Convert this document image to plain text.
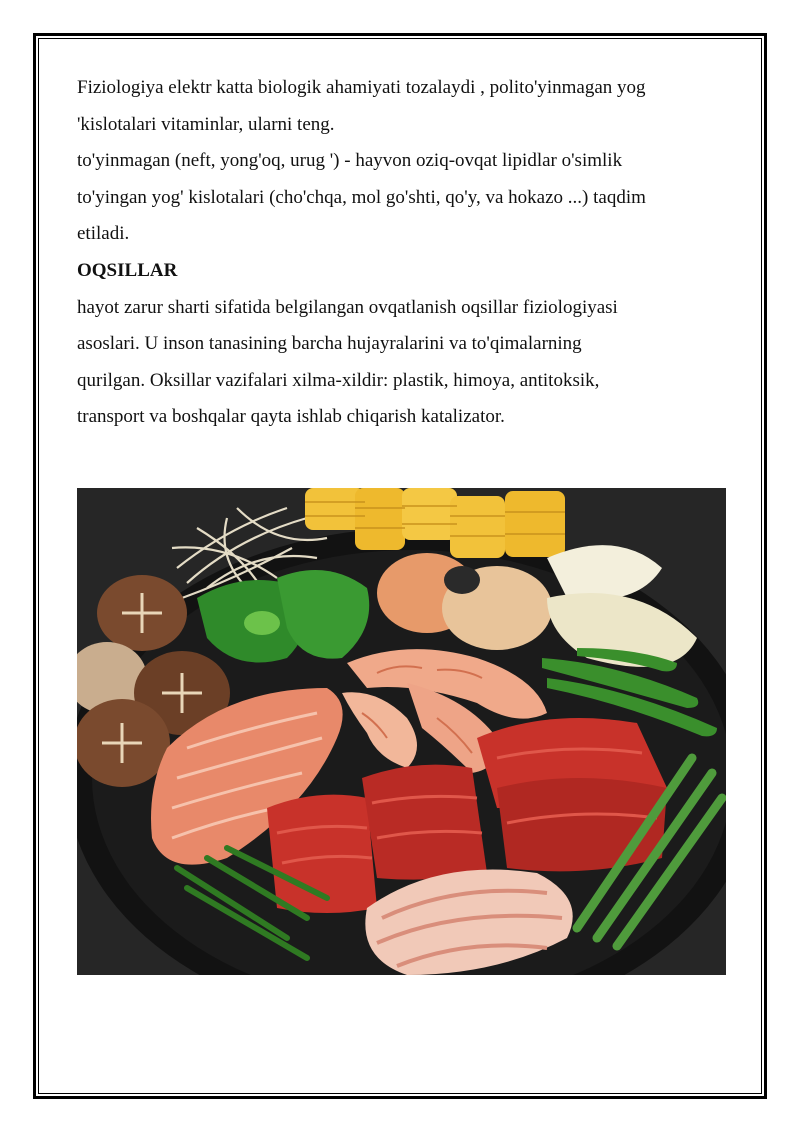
Fiziologiya elektr katta biologik ahamiyati tozalaydi , polito'yinmagan yog

'kislotalari vitaminlar, ularni teng.

to'yinmagan (neft, yong'oq, urug ') - hayvon oziq-ovqat lipidlar o'simlik

to'yingan yog' kislotalari (cho'chqa, mol go'shti, qo'y, va hokazo ...) taqdim

etiladi.

OQSILLAR

hayot zarur sharti sifatida belgilangan ovqatlanish oqsillar fiziologiyasi

asoslari. U inson tanasining barcha hujayralarini va to'qimalarning

qurilgan. Oksillar vazifalari xilma-xildir: plastik, himoya, antitoksik,

transport va boshqalar qayta ishlab chiqarish katalizator.
